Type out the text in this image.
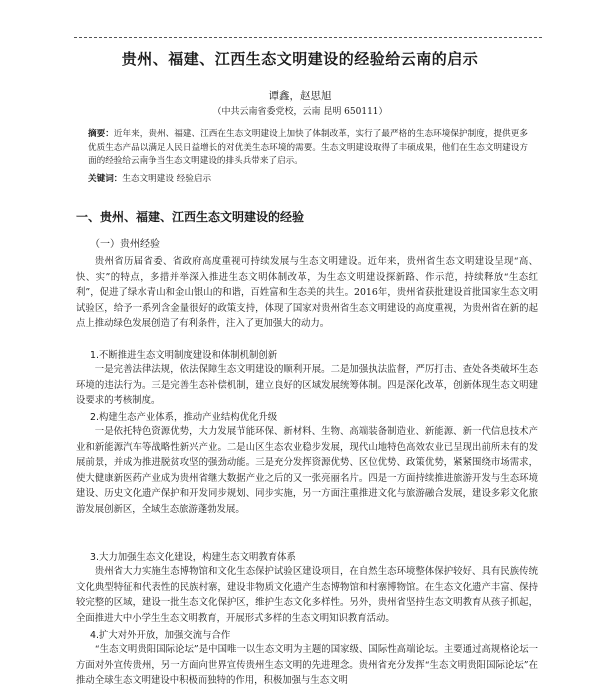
贵州、福建、江西生态文明建设的经验给云南的启示
谭鑫，赵思旭
（中共云南省委党校，云南 昆明 650111）

摘要：近年来，贵州、福建、江西在生态文明建设上加快了体制改革，实行了最严格的生态环境保护制度，提供更多优质生态产品以满足人民日益增长的对优美生态环境的需要。生态文明建设取得了丰硕成果，他们在生态文明建设方面的经验给云南争当生态文明建设的排头兵带来了启示。

关键词：生态文明建设 经验启示

一、贵州、福建、江西生态文明建设的经验
（一）贵州经验

贵州省历届省委、省政府高度重视可持续发展与生态文明建设。近年来，贵州省生态文明建设呈现“高、快、实”的特点，多措并举深入推进生态文明体制改革，为生态文明建设探新路、作示范，持续释放“生态红利”，促进了绿水青山和金山银山的和谐，百姓富和生态美的共生。2016年，贵州省获批建设首批国家生态文明试验区，给予一系列含金量很好的政策支持，体现了国家对贵州省生态文明建设的高度重视，为贵州省在新的起点上推动绿色发展创造了有利条件，注入了更加强大的动力。

1.不断推进生态文明制度建设和体制机制创新

一是完善法律法规，依法保障生态文明建设的顺利开展。二是加强执法监督，严厉打击、查处各类破坏生态环境的违法行为。三是完善生态补偿机制，建立良好的区域发展统筹体制。四是深化改革，创新体现生态文明建设要求的考核制度。

2.构建生态产业体系，推动产业结构优化升级

一是依托特色资源优势，大力发展节能环保、新材料、生物、高端装备制造业、新能源、新一代信息技术产业和新能源汽车等战略性新兴产业。二是山区生态农业稳步发展，现代山地特色高效农业已呈现出前所未有的发展前景，并成为推进脱贫攻坚的强劲动能。三是充分发挥资源优势、区位优势、政策优势，紧紧围绕市场需求，使大健康新医药产业成为贵州省继大数据产业之后的又一张亮丽名片。四是一方面持续推进旅游开发与生态环境建设、历史文化遗产保护和开发同步规划、同步实施，另一方面注重推进文化与旅游融合发展，建设多彩文化旅游发展创新区，全域生态旅游蓬勃发展。

3.大力加强生态文化建设，构建生态文明教育体系

贵州省大力实施生态博物馆和文化生态保护试验区建设项目，在自然生态环境整体保护较好、具有民族传统文化典型特征和代表性的民族村寨，建设非物质文化遗产生态博物馆和村寨博物馆。在生态文化遗产丰富、保持较完整的区域，建设一批生态文化保护区，维护生态文化多样性。另外，贵州省坚持生态文明教育从孩子抓起，全面推进大中小学生生态文明教育，开展形式多样的生态文明知识教育活动。

4.扩大对外开放，加强交流与合作

“生态文明贵阳国际论坛”是中国唯一以生态文明为主题的国家级、国际性高端论坛。主要通过高规格论坛一方面对外宣传贵州，另一方面向世界宣传贵州生态文明的先进理念。贵州省充分发挥“生态文明贵阳国际论坛”在推动全球生态文明建设中积极而独特的作用，积极加强与生态文明
